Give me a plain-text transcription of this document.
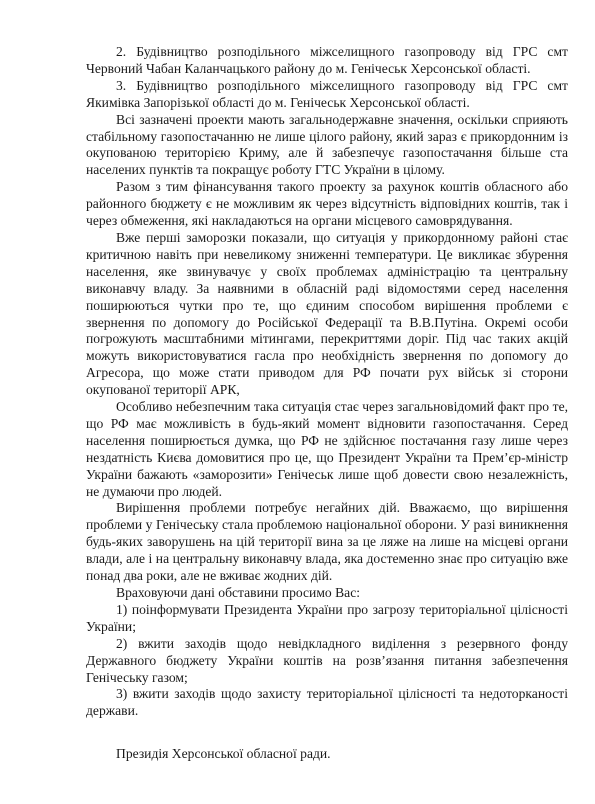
2. Будівництво розподільного міжселищного газопроводу від ГРС смт Червоний Чабан Каланчацького району до м. Генічеськ Херсонської області.

3. Будівництво розподільного міжселищного газопроводу від ГРС смт Якимівка Запорізької області до м. Генічеськ Херсонської області.

Всі зазначені проекти мають загальнодержавне значення, оскільки сприяють стабільному газопостачанню не лише цілого району, який зараз є прикордонним із окупованою територією Криму, але й забезпечує газопостачання більше ста населених пунктів та покращує роботу ГТС України в цілому.

Разом з тим фінансування такого проекту за рахунок коштів обласного або районного бюджету є не можливим як через відсутність відповідних коштів, так і через обмеження, які накладаються на органи місцевого самоврядування.

Вже перші заморозки показали, що ситуація у прикордонному районі стає критичною навіть при невеликому зниженні температури. Це викликає збурення населення, яке звинувачує у своїх проблемах адміністрацію та центральну виконавчу владу. За наявними в обласній раді відомостями серед населення поширюються чутки про те, що єдиним способом вирішення проблеми є звернення по допомогу до Російської Федерації та В.В.Путіна. Окремі особи погрожують масштабними мітингами, перекриттями доріг. Під час таких акцій можуть використовуватися гасла про необхідність звернення по допомогу до Агресора, що може стати приводом для РФ почати рух військ зі сторони окупованої території АРК,

Особливо небезпечним така ситуація стає через загальновідомий факт про те, що РФ має можливість в будь-який момент відновити газопостачання. Серед населення поширюється думка, що РФ не здійснює постачання газу лише через нездатність Києва домовитися про це, що Президент України та Прем’єр-міністр України бажають «заморозити» Генічеськ лише щоб довести свою незалежність, не думаючи про людей.

Вирішення проблеми потребує негайних дій. Вважаємо, що вирішення проблеми у Генічеську стала проблемою національної оборони. У разі виникнення будь-яких заворушень на цій території вина за це ляже на лише на місцеві органи влади, але і на центральну виконавчу влада, яка достеменно знає про ситуацію вже понад два роки, але не вживає жодних дій.

Враховуючи дані обставини просимо Вас:

1) поінформувати Президента України про загрозу територіальної цілісності України;

2) вжити заходів щодо невідкладного виділення з резервного фонду Державного бюджету України коштів на розв’язання питання забезпечення Генічеську газом;

3) вжити заходів щодо захисту територіальної цілісності та недоторканості держави.

Президія Херсонської обласної ради.
